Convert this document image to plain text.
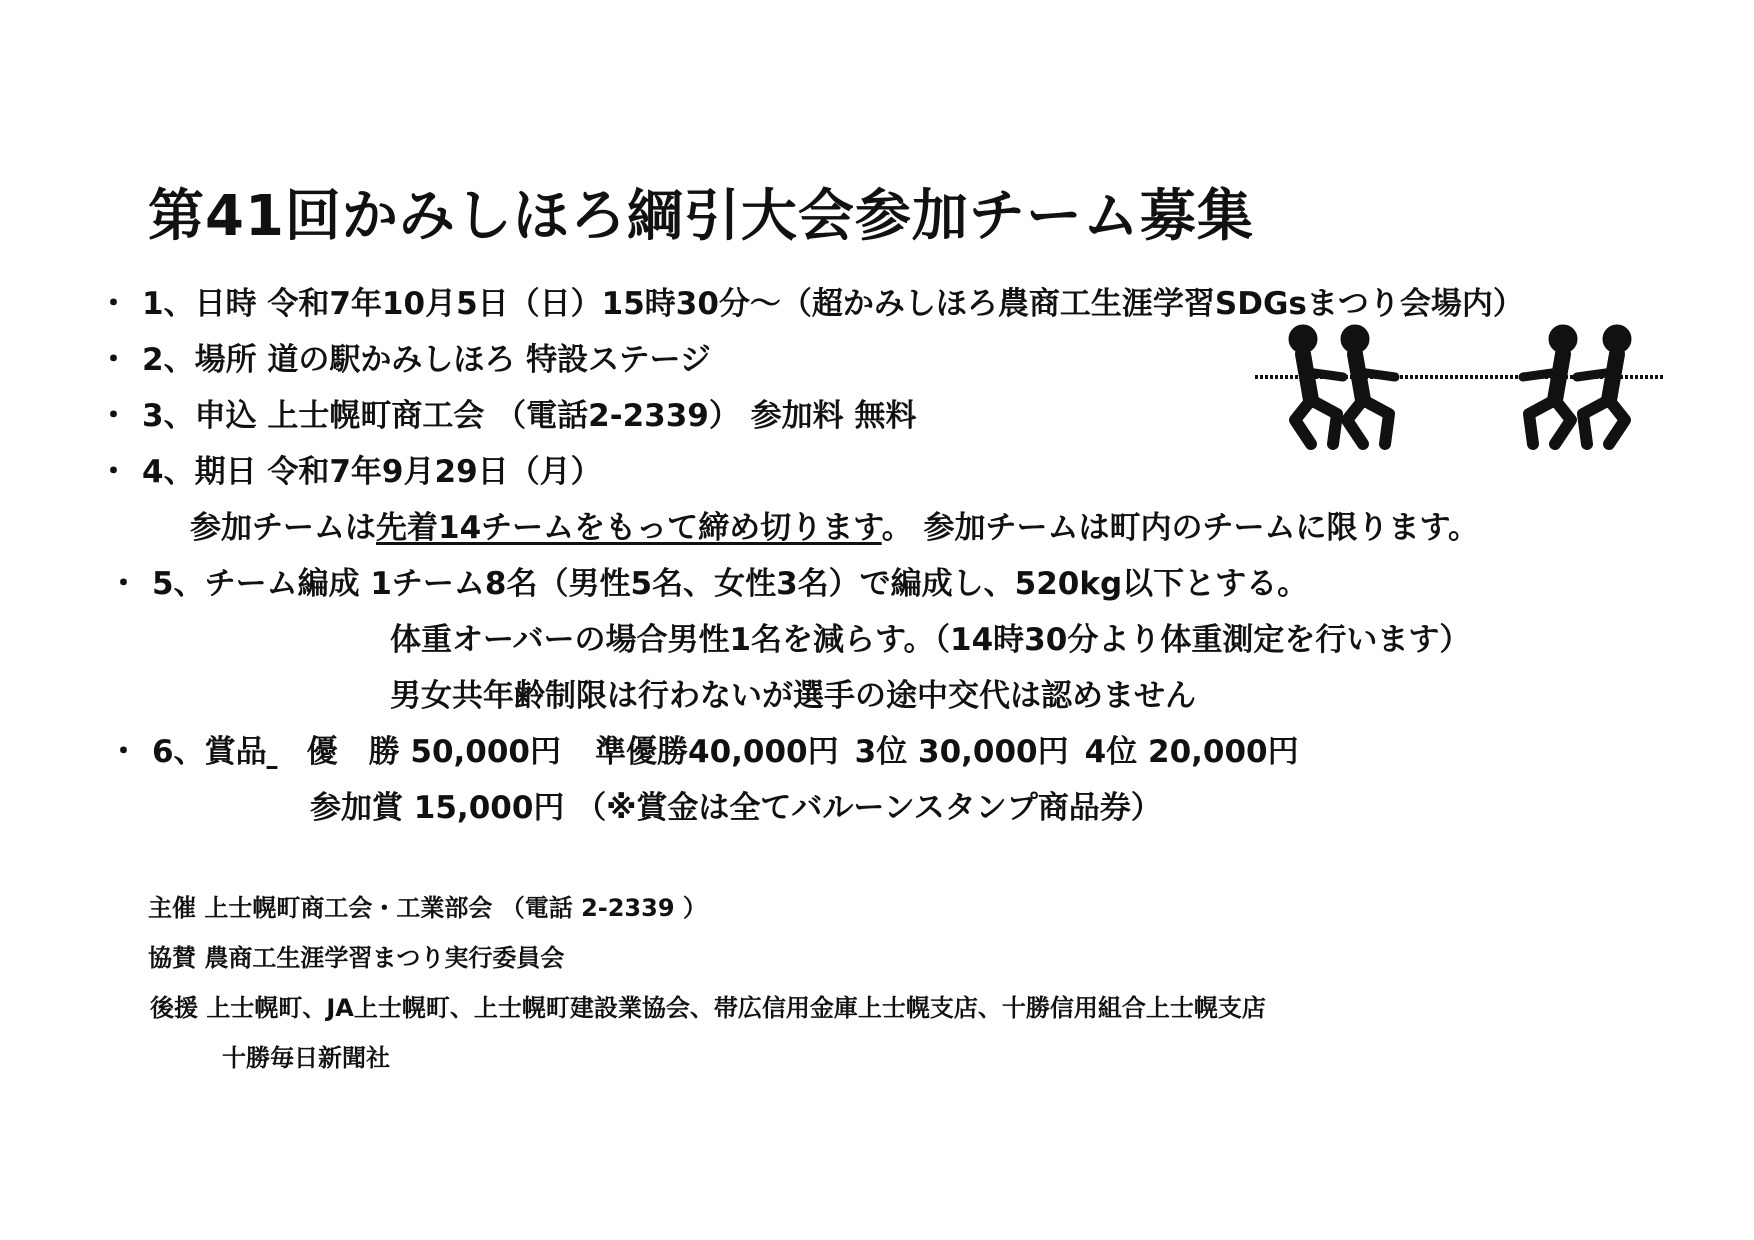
第41回かみしほろ綱引大会参加チーム募集
・ 1、日時 令和7年10月5日（日）15時30分～（超かみしほろ農商工生涯学習SDGsまつり会場内）
・ 2、場所 道の駅かみしほろ 特設ステージ
・ 3、申込 上士幌町商工会 （電話2-2339） 参加料 無料
・ 4、期日 令和7年9月29日（月）
参加チームは先着14チームをもって締め切ります。 参加チームは町内のチームに限ります。
・ 5、チーム編成 1チーム8名（男性5名、女性3名）で編成し、520kg以下とする。
体重オーバーの場合男性1名を減らす。（14時30分より体重測定を行います）
男女共年齢制限は行わないが選手の途中交代は認めません
・ 6、賞品 優　勝 50,000円 準優勝40,000円 3位 30,000円 4位 20,000円
参加賞 15,000円 （※賞金は全てバルーンスタンプ商品券）
主催 上士幌町商工会・工業部会 （電話 2-2339 ）
協賛 農商工生涯学習まつり実行委員会
後援 上士幌町、JA上士幌町、上士幌町建設業協会、帯広信用金庫上士幌支店、十勝信用組合上士幌支店
十勝毎日新聞社
